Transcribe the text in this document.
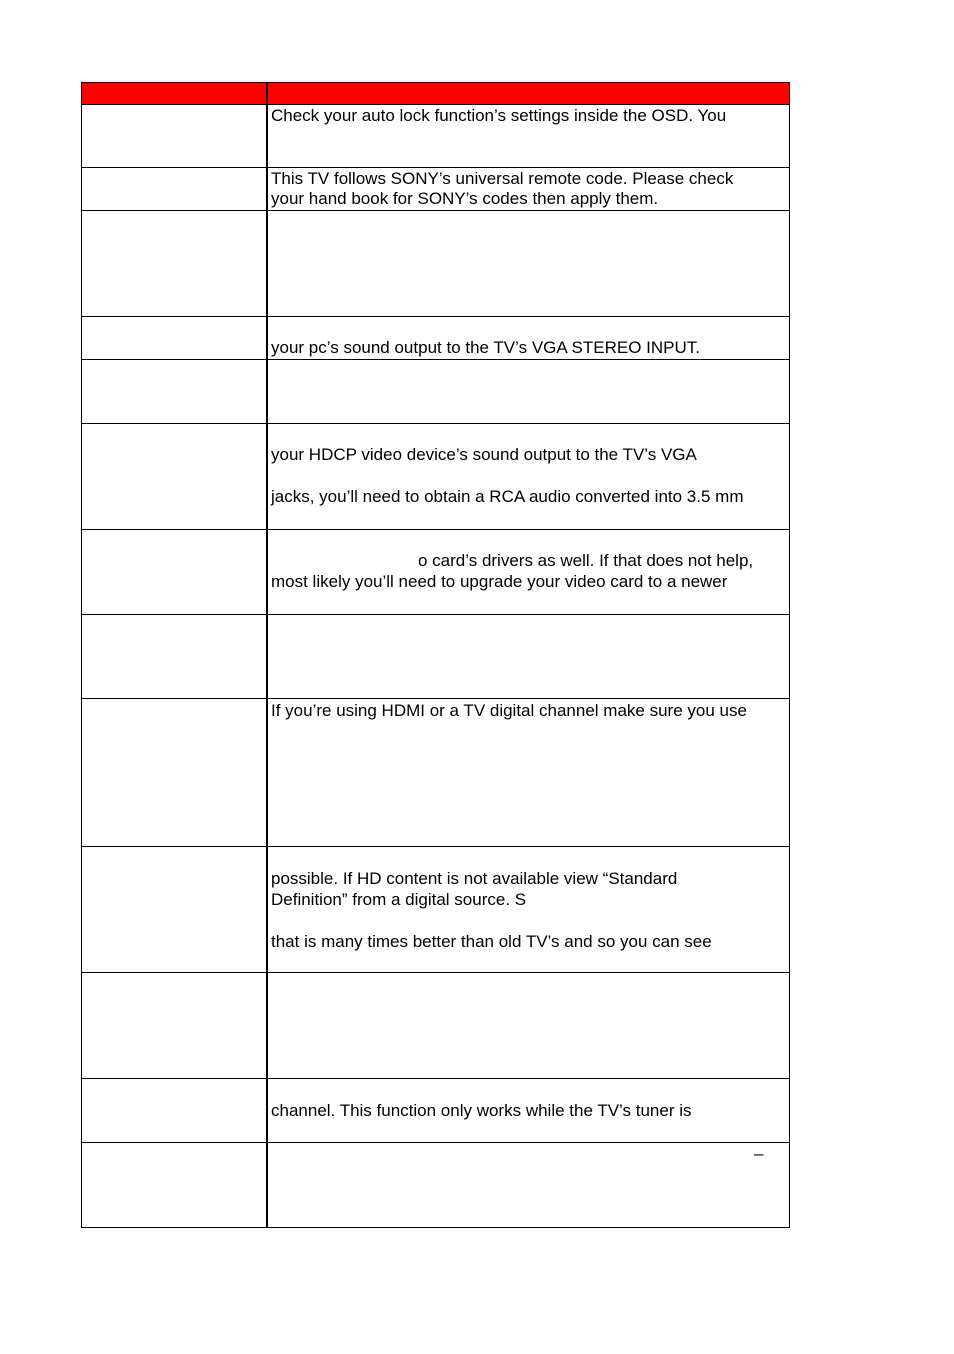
	Check your auto lock function’s settings inside the OSD. You

	This TV follows SONY’s universal remote code. Please check
your hand book for SONY’s codes then apply them.

	your pc’s sound output to the TV’s VGA STEREO INPUT.

	your HDCP video device’s sound output to the TV’s VGA
jacks, you’ll need to obtain a RCA audio converted into 3.5 mm

	o card’s drivers as well. If that does not help,
most likely you’ll need to upgrade your video card to a newer

	If you’re using HDMI or a TV digital channel make sure you use

	possible. If HD content is not available view “Standard
Definition” from a digital source. S
that is many times better than old TV’s and so you can see

	channel. This function only works while the TV’s tuner is

	–
